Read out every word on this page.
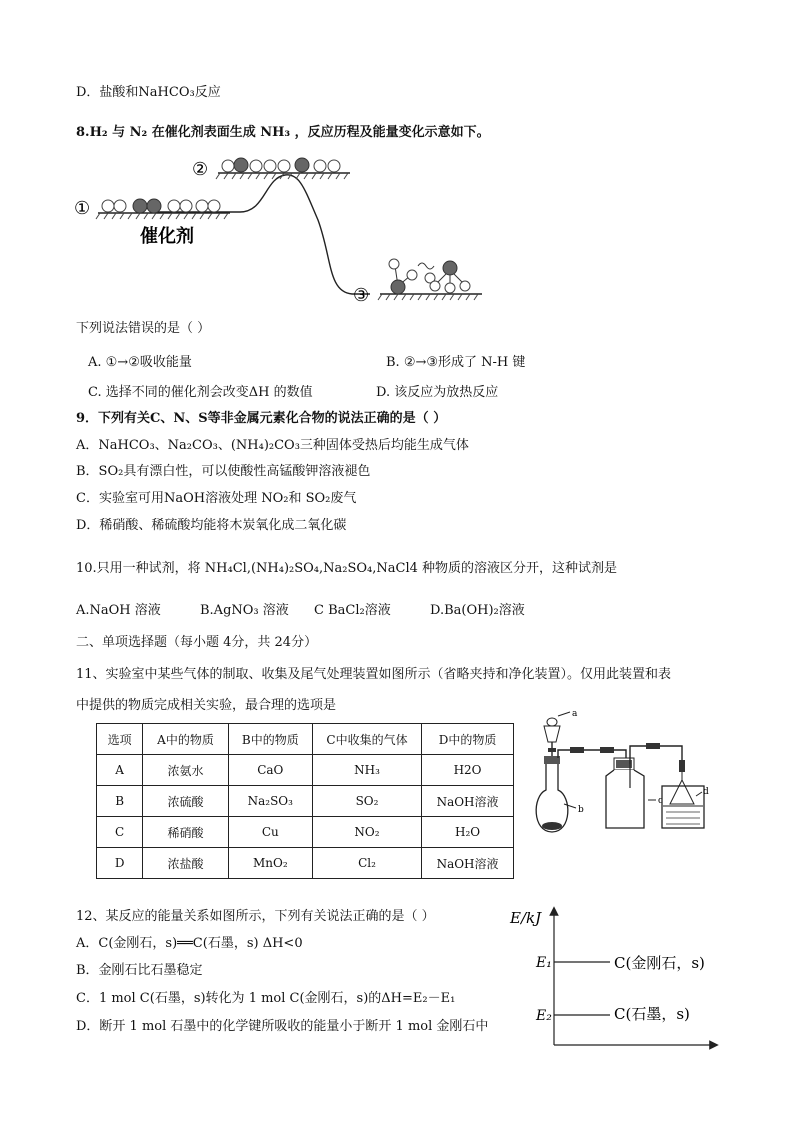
D．盐酸和NaHCO₃反应
8.H₂ 与 N₂ 在催化剂表面生成 NH₃ ，反应历程及能量变化示意如下。
①
催化剂
②
③
下列说法错误的是（ ）
A. ①→②吸收能量	B. ②→③形成了 N-H 键
C. 选择不同的催化剂会改变ΔH 的数值	D. 该反应为放热反应
9．下列有关C、N、S等非金属元素化合物的说法正确的是（ ）
A．NaHCO₃、Na₂CO₃、(NH₄)₂CO₃三种固体受热后均能生成气体
B．SO₂具有漂白性，可以使酸性高锰酸钾溶液褪色
C．实验室可用NaOH溶液处理 NO₂和 SO₂废气
D．稀硝酸、稀硫酸均能将木炭氧化成二氧化碳
10.只用一种试剂，将 NH₄Cl,(NH₄)₂SO₄,Na₂SO₄,NaCl4 种物质的溶液区分开，这种试剂是
A.NaOH 溶液	B.AgNO₃ 溶液 C BaCl₂溶液	D.Ba(OH)₂溶液
二、单项选择题（每小题 4分，共 24分）
11、实验室中某些气体的制取、收集及尾气处理装置如图所示（省略夹持和净化装置）。仅用此装置和表
中提供的物质完成相关实验，最合理的选项是
选项	A中的物质	B中的物质	C中收集的气体	D中的物质
A	浓氨水	CaO	NH₃	H2O
B	浓硫酸	Na₂SO₃	SO₂	NaOH溶液
C	稀硝酸	Cu	NO₂	H₂O
D	浓盐酸	MnO₂	Cl₂	NaOH溶液
a
b
c
d
12、某反应的能量关系如图所示，下列有关说法正确的是（ ）
A．C(金刚石，s)══C(石墨，s) ΔH<0
B．金刚石比石墨稳定
C．1 mol C(石墨，s)转化为 1 mol C(金刚石，s)的ΔH=E₂－E₁
D．断开 1 mol 石墨中的化学键所吸收的能量小于断开 1 mol 金刚石中
E/kJ
E₁
E₂
C(金刚石，s)
C(石墨，s)
